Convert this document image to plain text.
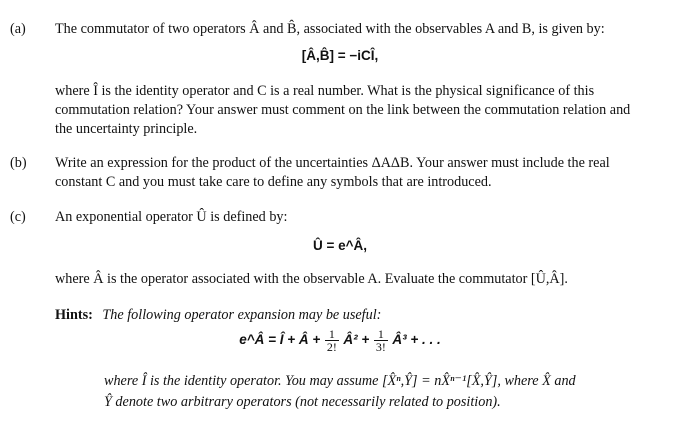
(a) The commutator of two operators Â and B̂, associated with the observables A and B, is given by:
[Â,B̂] = −iCÎ,
where Î is the identity operator and C is a real number. What is the physical significance of this
commutation relation? Your answer must comment on the link between the commutation relation and
the uncertainty principle.
(b) Write an expression for the product of the uncertainties ΔAΔB. Your answer must include the real
constant C and you must take care to define any symbols that are introduced.
(c) An exponential operator Û is defined by:
Û = e^Â,
where Â is the operator associated with the observable A. Evaluate the commutator [Û,Â].
Hints: The following operator expansion may be useful:
e^Â = Î + Â + $\frac{1}{2!}$ Â² + $\frac{1}{3!}$ Â³ + . . .
where Î is the identity operator. You may assume [X̂ⁿ,Ŷ] = nX̂ⁿ⁻¹[X̂,Ŷ], where X̂ and
Ŷ denote two arbitrary operators (not necessarily related to position).
